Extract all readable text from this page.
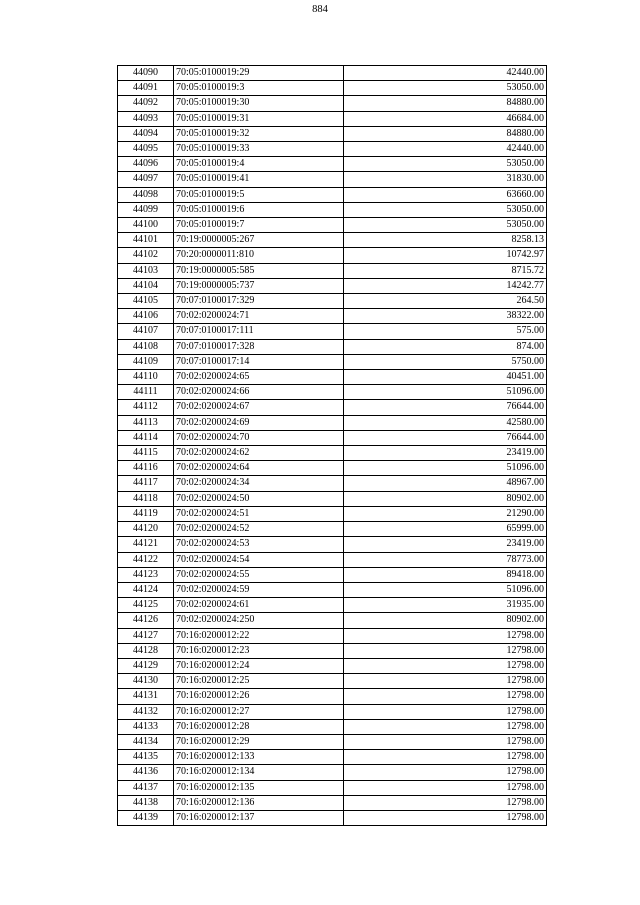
884
44090	70:05:0100019:29	42440.00
44091	70:05:0100019:3	53050.00
44092	70:05:0100019:30	84880.00
44093	70:05:0100019:31	46684.00
44094	70:05:0100019:32	84880.00
44095	70:05:0100019:33	42440.00
44096	70:05:0100019:4	53050.00
44097	70:05:0100019:41	31830.00
44098	70:05:0100019:5	63660.00
44099	70:05:0100019:6	53050.00
44100	70:05:0100019:7	53050.00
44101	70:19:0000005:267	8258.13
44102	70:20:0000011:810	10742.97
44103	70:19:0000005:585	8715.72
44104	70:19:0000005:737	14242.77
44105	70:07:0100017:329	264.50
44106	70:02:0200024:71	38322.00
44107	70:07:0100017:111	575.00
44108	70:07:0100017:328	874.00
44109	70:07:0100017:14	5750.00
44110	70:02:0200024:65	40451.00
44111	70:02:0200024:66	51096.00
44112	70:02:0200024:67	76644.00
44113	70:02:0200024:69	42580.00
44114	70:02:0200024:70	76644.00
44115	70:02:0200024:62	23419.00
44116	70:02:0200024:64	51096.00
44117	70:02:0200024:34	48967.00
44118	70:02:0200024:50	80902.00
44119	70:02:0200024:51	21290.00
44120	70:02:0200024:52	65999.00
44121	70:02:0200024:53	23419.00
44122	70:02:0200024:54	78773.00
44123	70:02:0200024:55	89418.00
44124	70:02:0200024:59	51096.00
44125	70:02:0200024:61	31935.00
44126	70:02:0200024:250	80902.00
44127	70:16:0200012:22	12798.00
44128	70:16:0200012:23	12798.00
44129	70:16:0200012:24	12798.00
44130	70:16:0200012:25	12798.00
44131	70:16:0200012:26	12798.00
44132	70:16:0200012:27	12798.00
44133	70:16:0200012:28	12798.00
44134	70:16:0200012:29	12798.00
44135	70:16:0200012:133	12798.00
44136	70:16:0200012:134	12798.00
44137	70:16:0200012:135	12798.00
44138	70:16:0200012:136	12798.00
44139	70:16:0200012:137	12798.00
